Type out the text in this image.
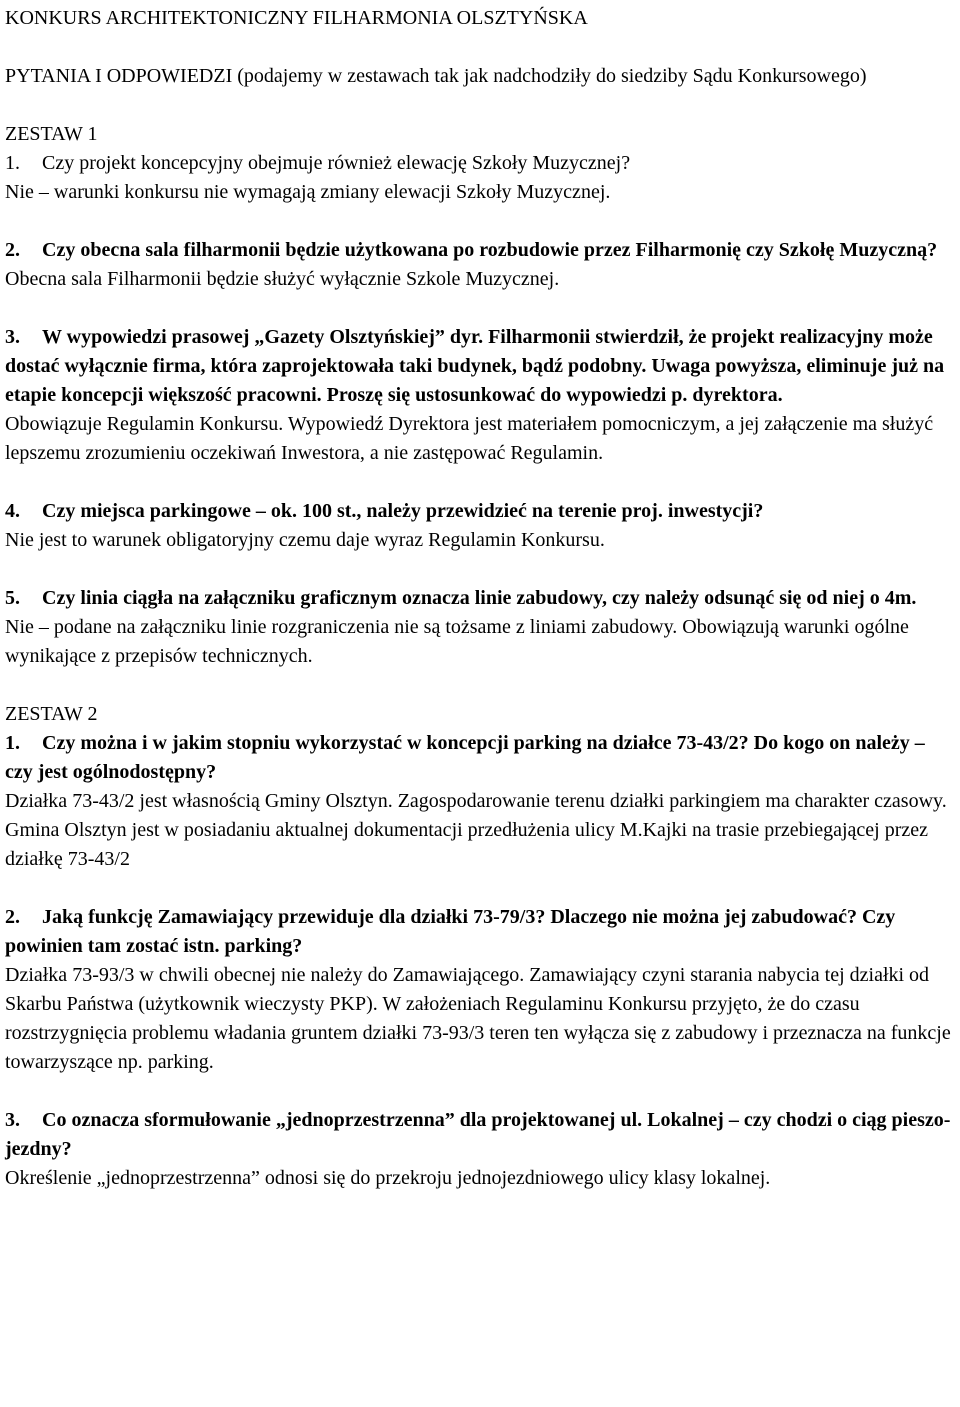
KONKURS ARCHITEKTONICZNY FILHARMONIA OLSZTYŃSKA

PYTANIA I ODPOWIEDZI (podajemy w zestawach tak jak nadchodziły do siedziby Sądu Konkursowego)

ZESTAW 1

1. Czy projekt koncepcyjny obejmuje również elewację Szkoły Muzycznej?

Nie – warunki konkursu nie wymagają zmiany elewacji Szkoły Muzycznej.

2. Czy obecna sala filharmonii będzie użytkowana po rozbudowie przez Filharmonię czy Szkołę Muzyczną?

Obecna sala Filharmonii będzie służyć wyłącznie Szkole Muzycznej.

3. W wypowiedzi prasowej „Gazety Olsztyńskiej” dyr. Filharmonii stwierdził, że projekt realizacyjny może dostać wyłącznie firma, która zaprojektowała taki budynek, bądź podobny. Uwaga powyższa, eliminuje już na etapie koncepcji większość pracowni. Proszę się ustosunkować do wypowiedzi p. dyrektora.

Obowiązuje Regulamin Konkursu. Wypowiedź Dyrektora jest materiałem pomocniczym, a jej załączenie ma służyć lepszemu zrozumieniu oczekiwań Inwestora, a nie zastępować Regulamin.

4. Czy miejsca parkingowe – ok. 100 st., należy przewidzieć na terenie proj. inwestycji?

Nie jest to warunek obligatoryjny czemu daje wyraz Regulamin Konkursu.

5. Czy linia ciągła na załączniku graficznym oznacza linie zabudowy, czy należy odsunąć się od niej o 4m.

Nie – podane na załączniku linie rozgraniczenia nie są tożsame z liniami zabudowy. Obowiązują warunki ogólne wynikające z przepisów technicznych.

ZESTAW 2

1. Czy można i w jakim stopniu wykorzystać w koncepcji parking na działce 73-43/2? Do kogo on należy – czy jest ogólnodostępny?

Działka 73-43/2 jest własnością Gminy Olsztyn. Zagospodarowanie terenu działki parkingiem ma charakter czasowy. Gmina Olsztyn jest w posiadaniu aktualnej dokumentacji przedłużenia ulicy M.Kajki na trasie przebiegającej przez działkę 73-43/2

2. Jaką funkcję Zamawiający przewiduje dla działki 73-79/3? Dlaczego nie można jej zabudować? Czy powinien tam zostać istn. parking?

Działka 73-93/3 w chwili obecnej nie należy do Zamawiającego. Zamawiający czyni starania nabycia tej działki od Skarbu Państwa (użytkownik wieczysty PKP). W założeniach Regulaminu Konkursu przyjęto, że do czasu rozstrzygnięcia problemu władania gruntem działki 73-93/3 teren ten wyłącza się z zabudowy i przeznacza na funkcje towarzyszące np. parking.

3. Co oznacza sformułowanie „jednoprzestrzenna” dla projektowanej ul. Lokalnej – czy chodzi o ciąg pieszo-jezdny?

Określenie „jednoprzestrzenna” odnosi się do przekroju jednojezdniowego ulicy klasy lokalnej.
